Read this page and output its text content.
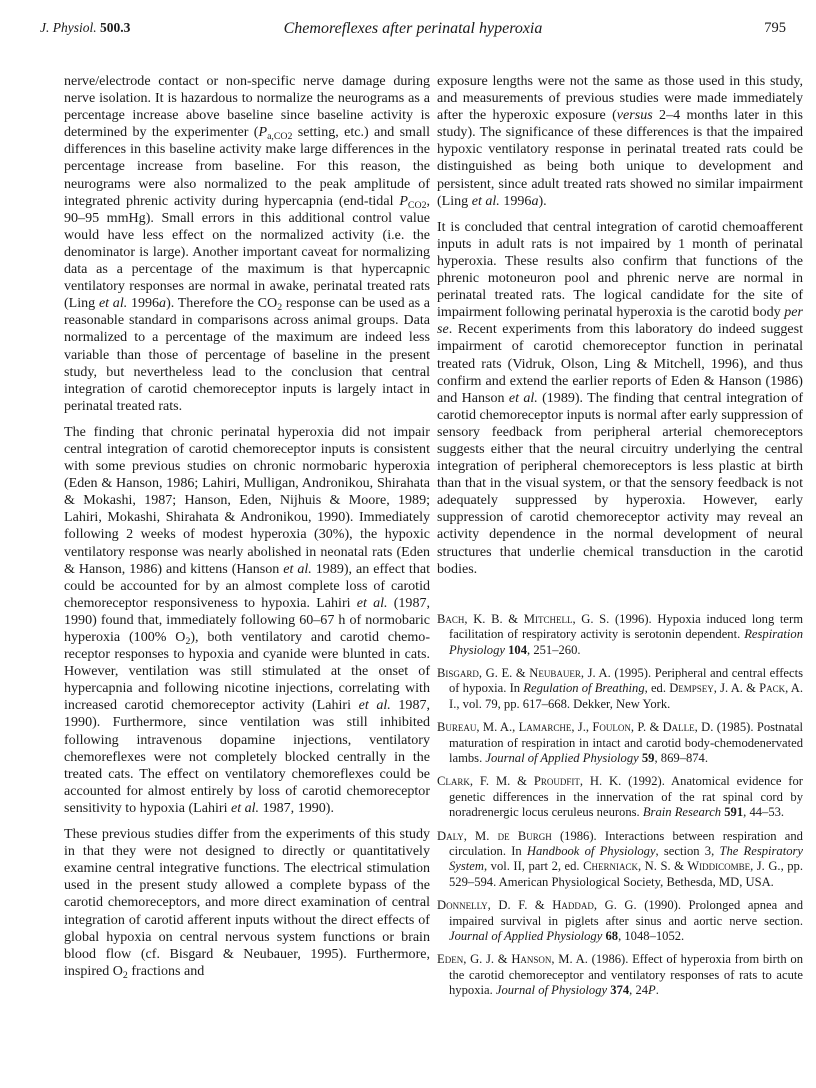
J. Physiol. 500.3	Chemoreflexes after perinatal hyperoxia	795

nerve/electrode contact or non-specific nerve damage during nerve isolation. It is hazardous to normalize the neurograms as a percentage increase above baseline since baseline activity is determined by the experimenter ($P_{a,CO2}$ setting, etc.) and small differences in this baseline activity make large differences in the percentage increase from baseline. For this reason, the neurograms were also normalized to the peak amplitude of integrated phrenic activity during hypercapnia (end-tidal $P_{CO2}$, 90–95 mmHg). Small errors in this additional control value would have less effect on the normalized activity (i.e. the denominator is large). Another important caveat for normalizing data as a percentage of the maximum is that hypercapnic ventilatory responses are normal in awake, perinatal treated rats (Ling et al. 1996a). Therefore the $CO_2$ response can be used as a reasonable standard in comparisons across animal groups. Data normalized to a percentage of the maximum are indeed less variable than those of percentage of baseline in the present study, but nevertheless lead to the conclusion that central integration of carotid chemoreceptor inputs is largely intact in perinatal treated rats.

The finding that chronic perinatal hyperoxia did not impair central integration of carotid chemoreceptor inputs is consistent with some previous studies on chronic normobaric hyperoxia (Eden & Hanson, 1986; Lahiri, Mulligan, Andronikou, Shirahata & Mokashi, 1987; Hanson, Eden, Nijhuis & Moore, 1989; Lahiri, Mokashi, Shirahata & Andronikou, 1990). Immediately following 2 weeks of modest hyperoxia (30%), the hypoxic ventilatory response was nearly abolished in neonatal rats (Eden & Hanson, 1986) and kittens (Hanson et al. 1989), an effect that could be accounted for by an almost complete loss of carotid chemoreceptor responsiveness to hypoxia. Lahiri et al. (1987, 1990) found that, immediately following 60–67 h of normobaric hyperoxia (100% $O_2$), both ventilatory and carotid chemoreceptor responses to hypoxia and cyanide were blunted in cats. However, ventilation was still stimulated at the onset of hypercapnia and following nicotine injections, correlating with increased carotid chemoreceptor activity (Lahiri et al. 1987, 1990). Furthermore, since ventilation was still inhibited following intravenous dopamine injections, ventilatory chemoreflexes were not completely blocked centrally in the treated cats. The effect on ventilatory chemoreflexes could be accounted for almost entirely by loss of carotid chemoreceptor sensitivity to hypoxia (Lahiri et al. 1987, 1990).

These previous studies differ from the experiments of this study in that they were not designed to directly or quantitatively examine central integrative functions. The electrical stimulation used in the present study allowed a complete bypass of the carotid chemoreceptors, and more direct examination of central integration of carotid afferent inputs without the direct effects of global hypoxia on central nervous system functions or brain blood flow (cf. Bisgard & Neubauer, 1995). Furthermore, inspired $O_2$ fractions and

exposure lengths were not the same as those used in this study, and measurements of previous studies were made immediately after the hyperoxic exposure (versus 2–4 months later in this study). The significance of these differences is that the impaired hypoxic ventilatory response in perinatal treated rats could be distinguished as being both unique to development and persistent, since adult treated rats showed no similar impairment (Ling et al. 1996a).

It is concluded that central integration of carotid chemoafferent inputs in adult rats is not impaired by 1 month of perinatal hyperoxia. These results also confirm that functions of the phrenic motoneuron pool and phrenic nerve are normal in perinatal treated rats. The logical candidate for the site of impairment following perinatal hyperoxia is the carotid body per se. Recent experiments from this laboratory do indeed suggest impairment of carotid chemoreceptor function in perinatal treated rats (Vidruk, Olson, Ling & Mitchell, 1996), and thus confirm and extend the earlier reports of Eden & Hanson (1986) and Hanson et al. (1989). The finding that central integration of carotid chemoreceptor inputs is normal after early suppression of sensory feedback from peripheral arterial chemoreceptors suggests either that the neural circuitry underlying the central integration of peripheral chemoreceptors is less plastic at birth than that in the visual system, or that the sensory feedback is not adequately suppressed by hyperoxia. However, early suppression of carotid chemoreceptor activity may reveal an activity dependence in the normal development of neural structures that underlie chemical transduction in the carotid bodies.

Bach, K. B. & Mitchell, G. S. (1996). Hypoxia induced long term facilitation of respiratory activity is serotonin dependent. Respiration Physiology 104, 251–260.

Bisgard, G. E. & Neubauer, J. A. (1995). Peripheral and central effects of hypoxia. In Regulation of Breathing, ed. Dempsey, J. A. & Pack, A. I., vol. 79, pp. 617–668. Dekker, New York.

Bureau, M. A., Lamarche, J., Foulon, P. & Dalle, D. (1985). Postnatal maturation of respiration in intact and carotid body-chemodenervated lambs. Journal of Applied Physiology 59, 869–874.

Clark, F. M. & Proudfit, H. K. (1992). Anatomical evidence for genetic differences in the innervation of the rat spinal cord by noradrenergic locus ceruleus neurons. Brain Research 591, 44–53.

Daly, M. de Burgh (1986). Interactions between respiration and circulation. In Handbook of Physiology, section 3, The Respiratory System, vol. II, part 2, ed. Cherniack, N. S. & Widdicombe, J. G., pp. 529–594. American Physiological Society, Bethesda, MD, USA.

Donnelly, D. F. & Haddad, G. G. (1990). Prolonged apnea and impaired survival in piglets after sinus and aortic nerve section. Journal of Applied Physiology 68, 1048–1052.

Eden, G. J. & Hanson, M. A. (1986). Effect of hyperoxia from birth on the carotid chemoreceptor and ventilatory responses of rats to acute hypoxia. Journal of Physiology 374, 24P.
